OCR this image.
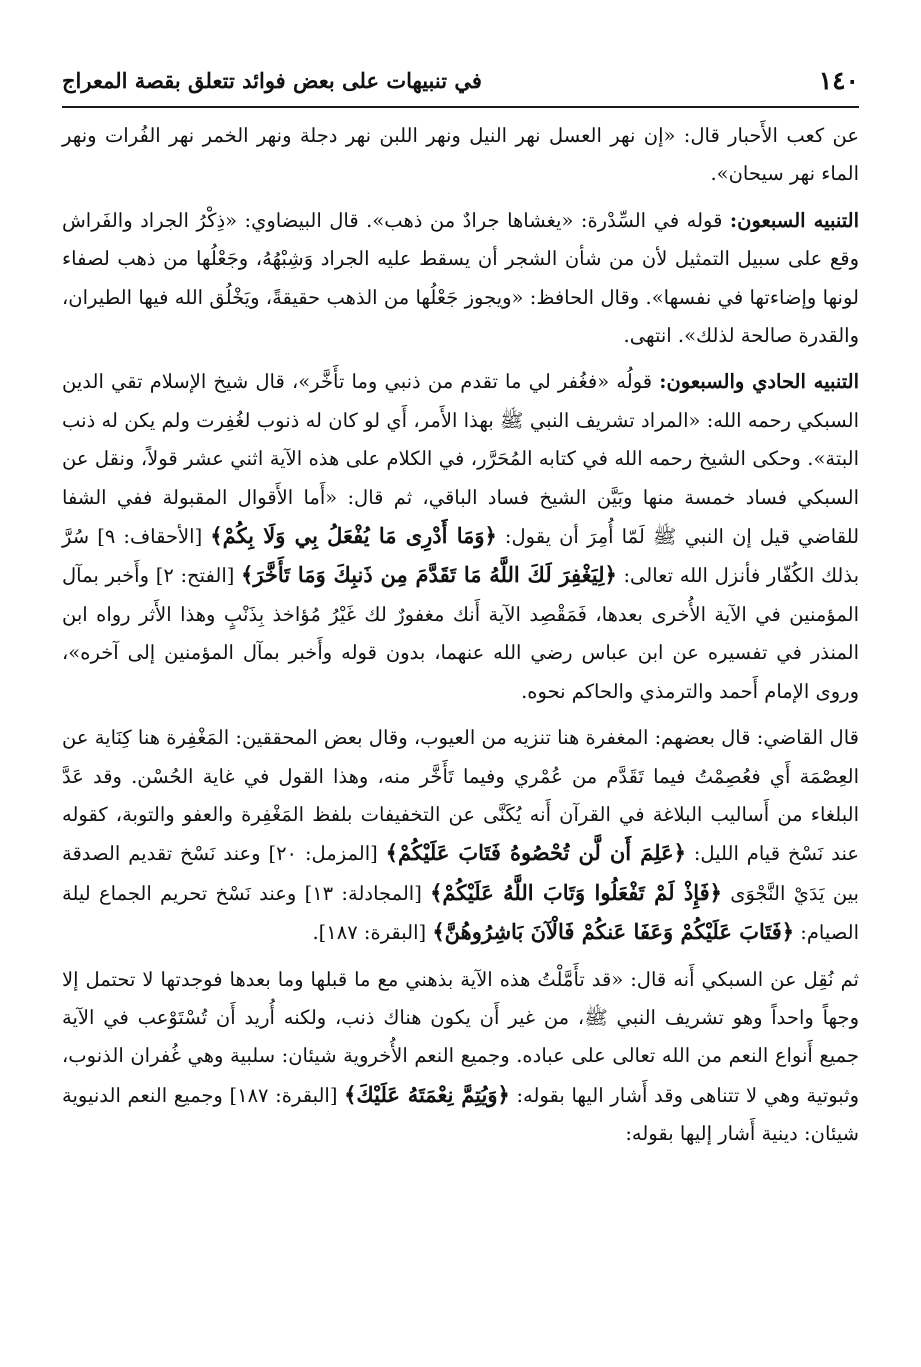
١٤٠
في تنبيهات على بعض فوائد تتعلق بقصة المعراج

عن كعب الأَحبار قال: «إن نهر العسل نهر النيل ونهر اللبن نهر دجلة ونهر الخمر نهر الفُرات ونهر الماء نهر سيحان».

التنبيه السبعون: قوله في السِّدْرة: «يغشاها جرادٌ من ذهب». قال البيضاوي: «ذِكْرُ الجراد والفَراش وقع على سبيل التمثيل لأن من شأن الشجر أن يسقط عليه الجراد وَشِبْهُهُ، وجَعْلُها من ذهب لصفاء لونها وإضاءتها في نفسها». وقال الحافظ: «ويجوز جَعْلُها من الذهب حقيقةً، ويَخْلُق الله فيها الطيران، والقدرة صالحة لذلك». انتهى.

التنبيه الحادي والسبعون: قولُه «فغُفر لي ما تقدم من ذنبي وما تأَخَّر»، قال شيخ الإسلام تقي الدين السبكي رحمه الله: «المراد تشريف النبي ﷺ بهذا الأَمر، أَي لو كان له ذنوب لغُفِرت ولم يكن له ذنب البتة». وحكى الشيخ رحمه الله في كتابه المُحَرَّر، في الكلام على هذه الآية اثني عشر قولاً، ونقل عن السبكي فساد خمسة منها وبَيَّن الشيخ فساد الباقي، ثم قال: «أَما الأَقوال المقبولة ففي الشفا للقاضي قيل إن النبي ﷺ لَمّا أُمِرَ أن يقول: ﴿وَمَا أَدْرِى مَا يُفْعَلُ بِي وَلَا بِكُمْ﴾ [الأحقاف: ٩] سُرَّ بذلك الكُفّار فأنزل الله تعالى: ﴿لِيَغْفِرَ لَكَ اللَّهُ مَا تَقَدَّمَ مِن ذَنبِكَ وَمَا تَأَخَّرَ﴾ [الفتح: ٢] وأَخبر بمآل المؤمنين في الآية الأُخرى بعدها، فَمَقْصِد الآية أَنك مغفورٌ لك غَيْرُ مُؤاخذ بِذَنْبٍ وهذا الأَثر رواه ابن المنذر في تفسيره عن ابن عباس رضي الله عنهما، بدون قوله وأَخبر بمآل المؤمنين إلى آخره»، وروى الإمام أَحمد والترمذي والحاكم نحوه.

قال القاضي: قال بعضهم: المغفرة هنا تنزيه من العيوب، وقال بعض المحققين: المَغْفِرة هنا كِنَاية عن العِصْمَة أَي فعُصِمْتُ فيما تَقَدَّم من عُمْري وفيما تَأَخَّر منه، وهذا القول في غاية الحُسْن. وقد عَدَّ البلغاء من أَساليب البلاغة في القرآن أَنه يُكَنَّى عن التخفيفات بلفظ المَغْفِرة والعفو والتوبة، كقوله عند نَسْخ قيام الليل: ﴿عَلِمَ أَن لَّن تُحْصُوهُ فَتَابَ عَلَيْكُمْ﴾ [المزمل: ٢٠] وعند نَسْخ تقديم الصدقة بين يَدَيْ النَّجْوَى ﴿فَإِذْ لَمْ تَفْعَلُوا وَتَابَ اللَّهُ عَلَيْكُمْ﴾ [المجادلة: ١٣] وعند نَسْخ تحريم الجماع ليلة الصيام: ﴿فَتَابَ عَلَيْكُمْ وَعَفَا عَنكُمْ فَالْآنَ بَاشِرُوهُنَّ﴾ [البقرة: ١٨٧].

ثم نُقِل عن السبكي أَنه قال: «قد تأَمَّلْتُ هذه الآية بذهني مع ما قبلها وما بعدها فوجدتها لا تحتمل إلا وجهاً واحداً وهو تشريف النبي ﷺ، من غير أَن يكون هناك ذنب، ولكنه أُريد أَن تُسْتَوْعب في الآية جميع أَنواع النعم من الله تعالى على عباده. وجميع النعم الأُخروية شيئان: سلبية وهي غُفران الذنوب، وثبوتية وهي لا تتناهى وقد أَشار اليها بقوله: ﴿وَيُتِمَّ نِعْمَتَهُ عَلَيْكَ﴾ [البقرة: ١٨٧] وجميع النعم الدنيوية شيئان: دينية أَشار إليها بقوله:
